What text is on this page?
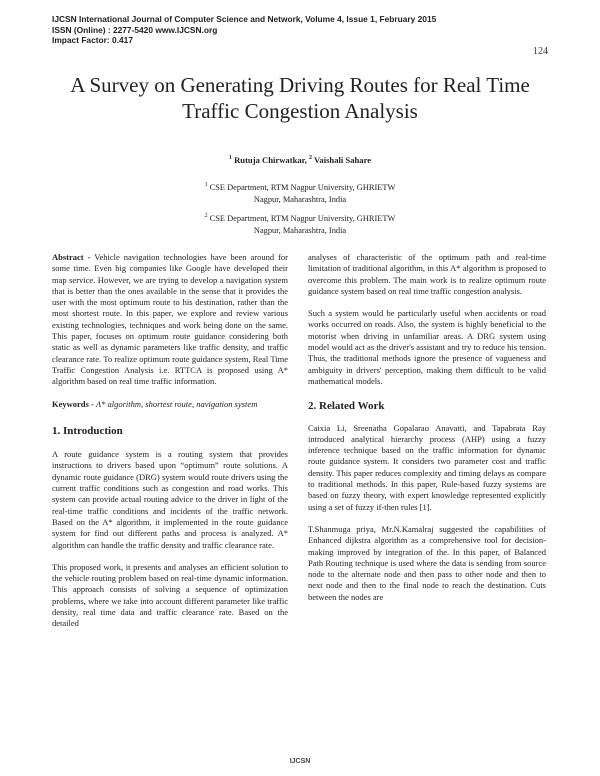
IJCSN International Journal of Computer Science and Network, Volume 4, Issue 1, February 2015
ISSN (Online) : 2277-5420 www.IJCSN.org
Impact Factor: 0.417
124
A Survey on Generating Driving Routes for Real Time Traffic Congestion Analysis
$^1$ Rutuja Chirwatkar, $^2$ Vaishali Sahare
$^1$ CSE Department, RTM Nagpur University, GHRIETW
Nagpur, Maharashtra, India
$^2$ CSE Department, RTM Nagpur University, GHRIETW
Nagpur, Maharashtra, India

Abstract - Vehicle navigation technologies have been around for some time. Even big companies like Google have developed their map service. However, we are trying to develop a navigation system that is better than the ones available in the sense that it provides the user with the most optimum route to his destination, rather than the most shortest route. In this paper, we explore and review various existing technologies, techniques and work being done on the same. This paper, focuses on optimum route guidance considering both static as well as dynamic parameters like traffic density, and traffic clearance rate. To realize optimum route guidance system, Real Time Traffic Congestion Analysis i.e. RTTCA is proposed using A* algorithm based on real time traffic information.

Keywords - A* algorithm, shortest route, navigation system

1. Introduction

A route guidance system is a routing system that provides instructions to drivers based upon “optimum” route solutions. A dynamic route guidance (DRG) system would route drivers using the current traffic conditions such as congestion and road works. This system can provide actual routing advice to the driver in light of the real-time traffic conditions and incidents of the traffic network. Based on the A* algorithm, it implemented in the route guidance system for find out different paths and process is analyzed. A* algorithm can handle the traffic density and traffic clearance rate.

This proposed work, it presents and analyses an efficient solution to the vehicle routing problem based on real-time dynamic information. This approach consists of solving a sequence of optimization problems, where we take into account different parameter like traffic density, real time data and traffic clearance rate. Based on the detailed

analyses of characteristic of the optimum path and real-time limitation of traditional algorithm, in this A* algorithm is proposed to overcome this problem. The main work is to realize optimum route guidance system based on real time traffic congestion analysis.

Such a system would be particularly useful when accidents or road works occurred on roads. Also, the system is highly beneficial to the motorist when driving in unfamiliar areas. A DRG system using model would act as the driver's assistant and try to reduce his tension. Thus, the traditional methods ignore the presence of vagueness and ambiguity in drivers' perception, making them difficult to be valid mathematical models.

2. Related Work

Caixia Li, Sreenatha Gopalarao Anavatti, and Tapabrata Ray introduced analytical hierarchy process (AHP) using a fuzzy inference technique based on the traffic information for dynamic route guidance system. It considers two parameter cost and traffic density. This paper reduces complexity and timing delays as compare to traditional methods. In this paper, Rule-based fuzzy systems are based on fuzzy theory, with expert knowledge represented explicitly using a set of fuzzy if-then rules [1].

T.Shanmuga priya, Mr.N.Kamalraj suggested the capabilities of Enhanced dijkstra algorithm as a comprehensive tool for decision-making improved by integration of the. In this paper, of Balanced Path Routing technique is used where the data is sending from source node to the alternate node and then pass to other node and then to next node and then to the final node to reach the destination. Cuts between the nodes are

IJCSN
